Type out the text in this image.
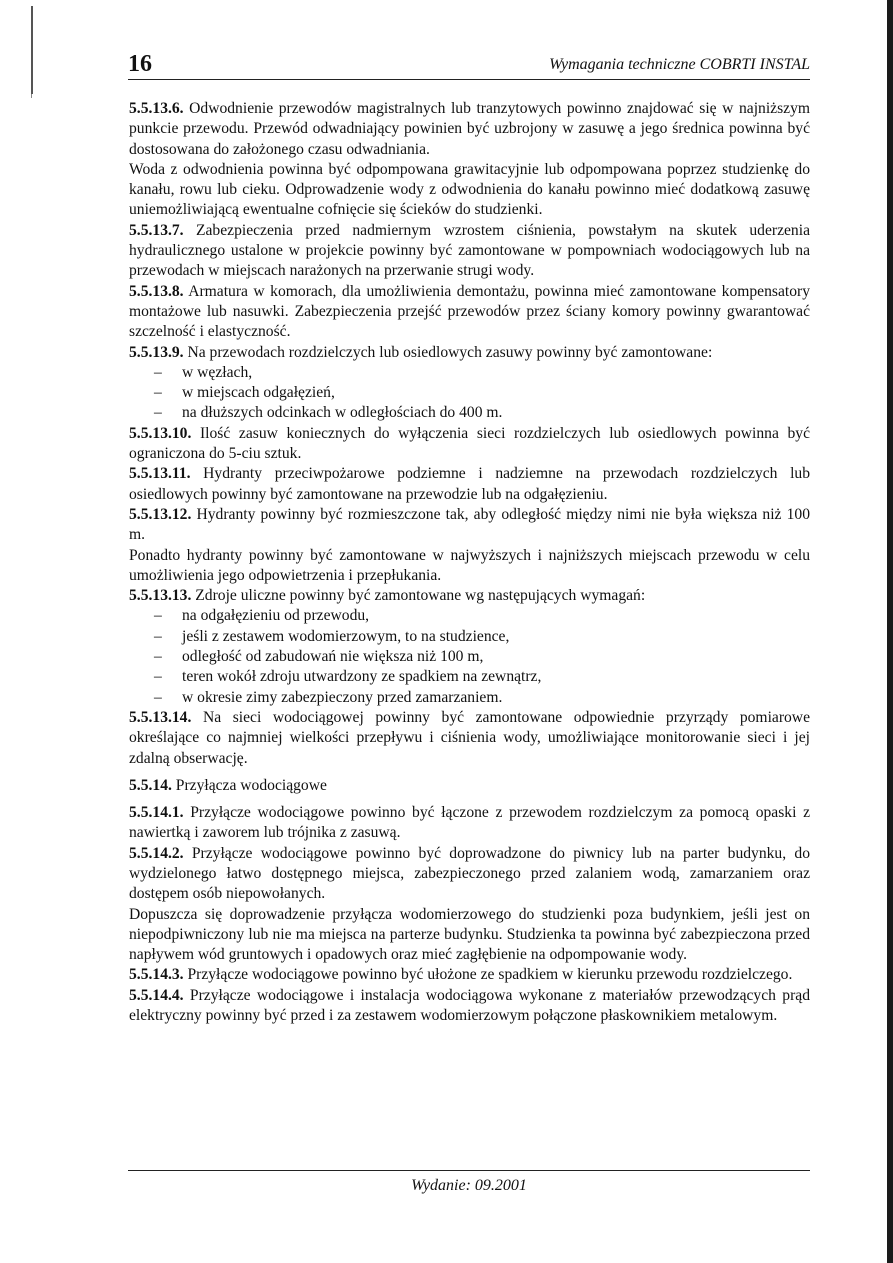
16	Wymagania techniczne COBRTI INSTAL

5.5.13.6. Odwodnienie przewodów magistralnych lub tranzytowych powinno znajdować się w najniższym punkcie przewodu. Przewód odwadniający powinien być uzbrojony w zasuwę a jego średnica powinna być dostosowana do założonego czasu odwadniania.

Woda z odwodnienia powinna być odpompowana grawitacyjnie lub odpompowana poprzez studzienkę do kanału, rowu lub cieku. Odprowadzenie wody z odwodnienia do kanału powinno mieć dodatkową zasuwę uniemożliwiającą ewentualne cofnięcie się ścieków do studzienki.

5.5.13.7. Zabezpieczenia przed nadmiernym wzrostem ciśnienia, powstałym na skutek uderzenia hydraulicznego ustalone w projekcie powinny być zamontowane w pompowniach wodociągowych lub na przewodach w miejscach narażonych na przerwanie strugi wody.

5.5.13.8. Armatura w komorach, dla umożliwienia demontażu, powinna mieć zamontowane kompensatory montażowe lub nasuwki. Zabezpieczenia przejść przewodów przez ściany komory powinny gwarantować szczelność i elastyczność.

5.5.13.9. Na przewodach rozdzielczych lub osiedlowych zasuwy powinny być zamontowane:

– w węzłach,
– w miejscach odgałęzień,
– na dłuższych odcinkach w odległościach do 400 m.

5.5.13.10. Ilość zasuw koniecznych do wyłączenia sieci rozdzielczych lub osiedlowych powinna być ograniczona do 5-ciu sztuk.

5.5.13.11. Hydranty przeciwpożarowe podziemne i nadziemne na przewodach rozdzielczych lub osiedlowych powinny być zamontowane na przewodzie lub na odgałęzieniu.

5.5.13.12. Hydranty powinny być rozmieszczone tak, aby odległość między nimi nie była większa niż 100 m.

Ponadto hydranty powinny być zamontowane w najwyższych i najniższych miejscach przewodu w celu umożliwienia jego odpowietrzenia i przepłukania.

5.5.13.13. Zdroje uliczne powinny być zamontowane wg następujących wymagań:

– na odgałęzieniu od przewodu,
– jeśli z zestawem wodomierzowym, to na studzience,
– odległość od zabudowań nie większa niż 100 m,
– teren wokół zdroju utwardzony ze spadkiem na zewnątrz,
– w okresie zimy zabezpieczony przed zamarzaniem.

5.5.13.14. Na sieci wodociągowej powinny być zamontowane odpowiednie przyrządy pomiarowe określające co najmniej wielkości przepływu i ciśnienia wody, umożliwiające monitorowanie sieci i jej zdalną obserwację.

5.5.14. Przyłącza wodociągowe

5.5.14.1. Przyłącze wodociągowe powinno być łączone z przewodem rozdzielczym za pomocą opaski z nawiertką i zaworem lub trójnika z zasuwą.

5.5.14.2. Przyłącze wodociągowe powinno być doprowadzone do piwnicy lub na parter budynku, do wydzielonego łatwo dostępnego miejsca, zabezpieczonego przed zalaniem wodą, zamarzaniem oraz dostępem osób niepowołanych.

Dopuszcza się doprowadzenie przyłącza wodomierzowego do studzienki poza budynkiem, jeśli jest on niepodpiwniczony lub nie ma miejsca na parterze budynku. Studzienka ta powinna być zabezpieczona przed napływem wód gruntowych i opadowych oraz mieć zagłębienie na odpompowanie wody.

5.5.14.3. Przyłącze wodociągowe powinno być ułożone ze spadkiem w kierunku przewodu rozdzielczego.

5.5.14.4. Przyłącze wodociągowe i instalacja wodociągowa wykonane z materiałów przewodzących prąd elektryczny powinny być przed i za zestawem wodomierzowym połączone płaskownikiem metalowym.

Wydanie: 09.2001
